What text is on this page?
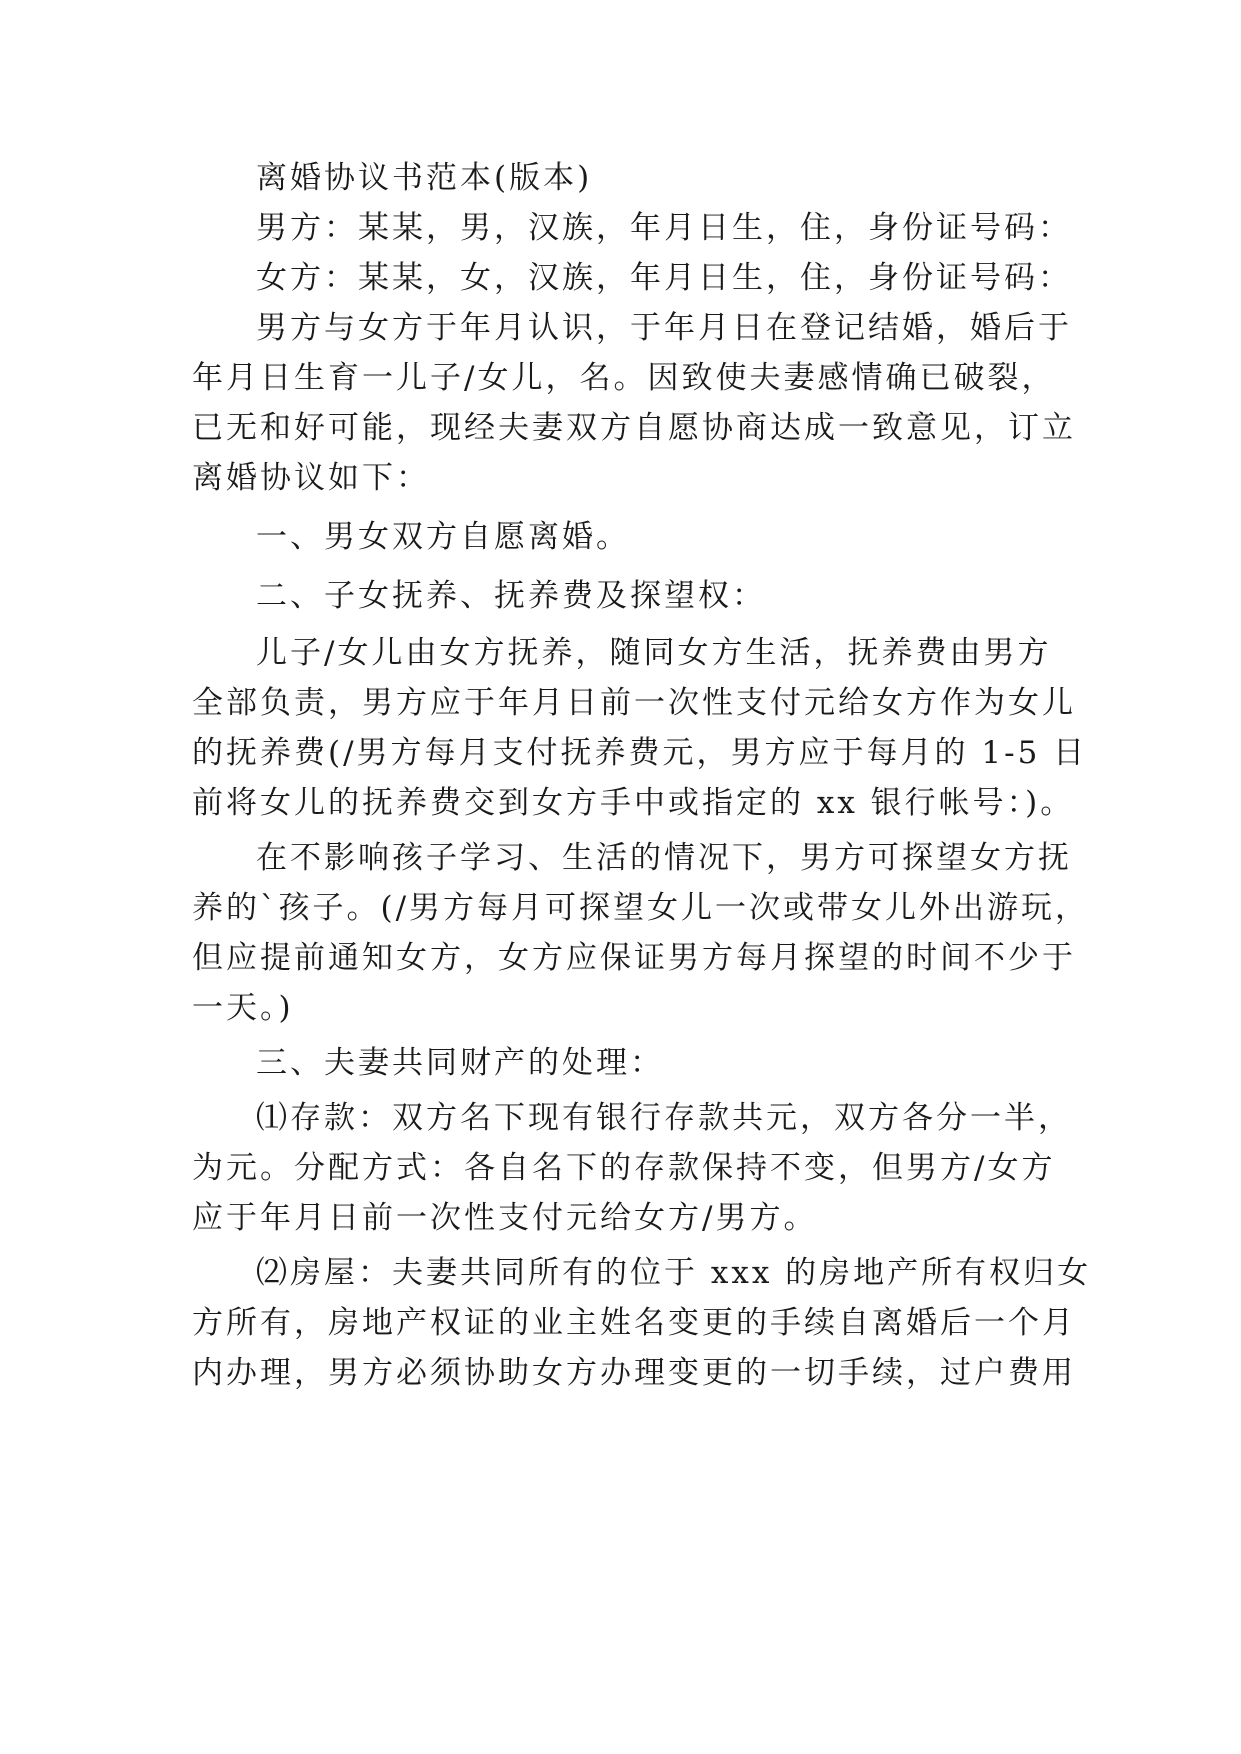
离婚协议书范本(版本)
男方：某某，男，汉族，年月日生，住，身份证号码：
女方：某某，女，汉族，年月日生，住，身份证号码：
男方与女方于年月认识，于年月日在登记结婚，婚后于
年月日生育一儿子/女儿，名。因致使夫妻感情确已破裂，
已无和好可能，现经夫妻双方自愿协商达成一致意见，订立
离婚协议如下：
一、男女双方自愿离婚。
二、子女抚养、抚养费及探望权：
儿子/女儿由女方抚养，随同女方生活，抚养费由男方
全部负责，男方应于年月日前一次性支付元给女方作为女儿
的抚养费(/男方每月支付抚养费元，男方应于每月的 1-5 日
前将女儿的抚养费交到女方手中或指定的 xx 银行帐号：)。
在不影响孩子学习、生活的情况下，男方可探望女方抚
养的`孩子。(/男方每月可探望女儿一次或带女儿外出游玩，
但应提前通知女方，女方应保证男方每月探望的时间不少于
一天。)
三、夫妻共同财产的处理：
⑴存款：双方名下现有银行存款共元，双方各分一半，
为元。分配方式：各自名下的存款保持不变，但男方/女方
应于年月日前一次性支付元给女方/男方。
⑵房屋：夫妻共同所有的位于 xxx 的房地产所有权归女
方所有，房地产权证的业主姓名变更的手续自离婚后一个月
内办理，男方必须协助女方办理变更的一切手续，过户费用
